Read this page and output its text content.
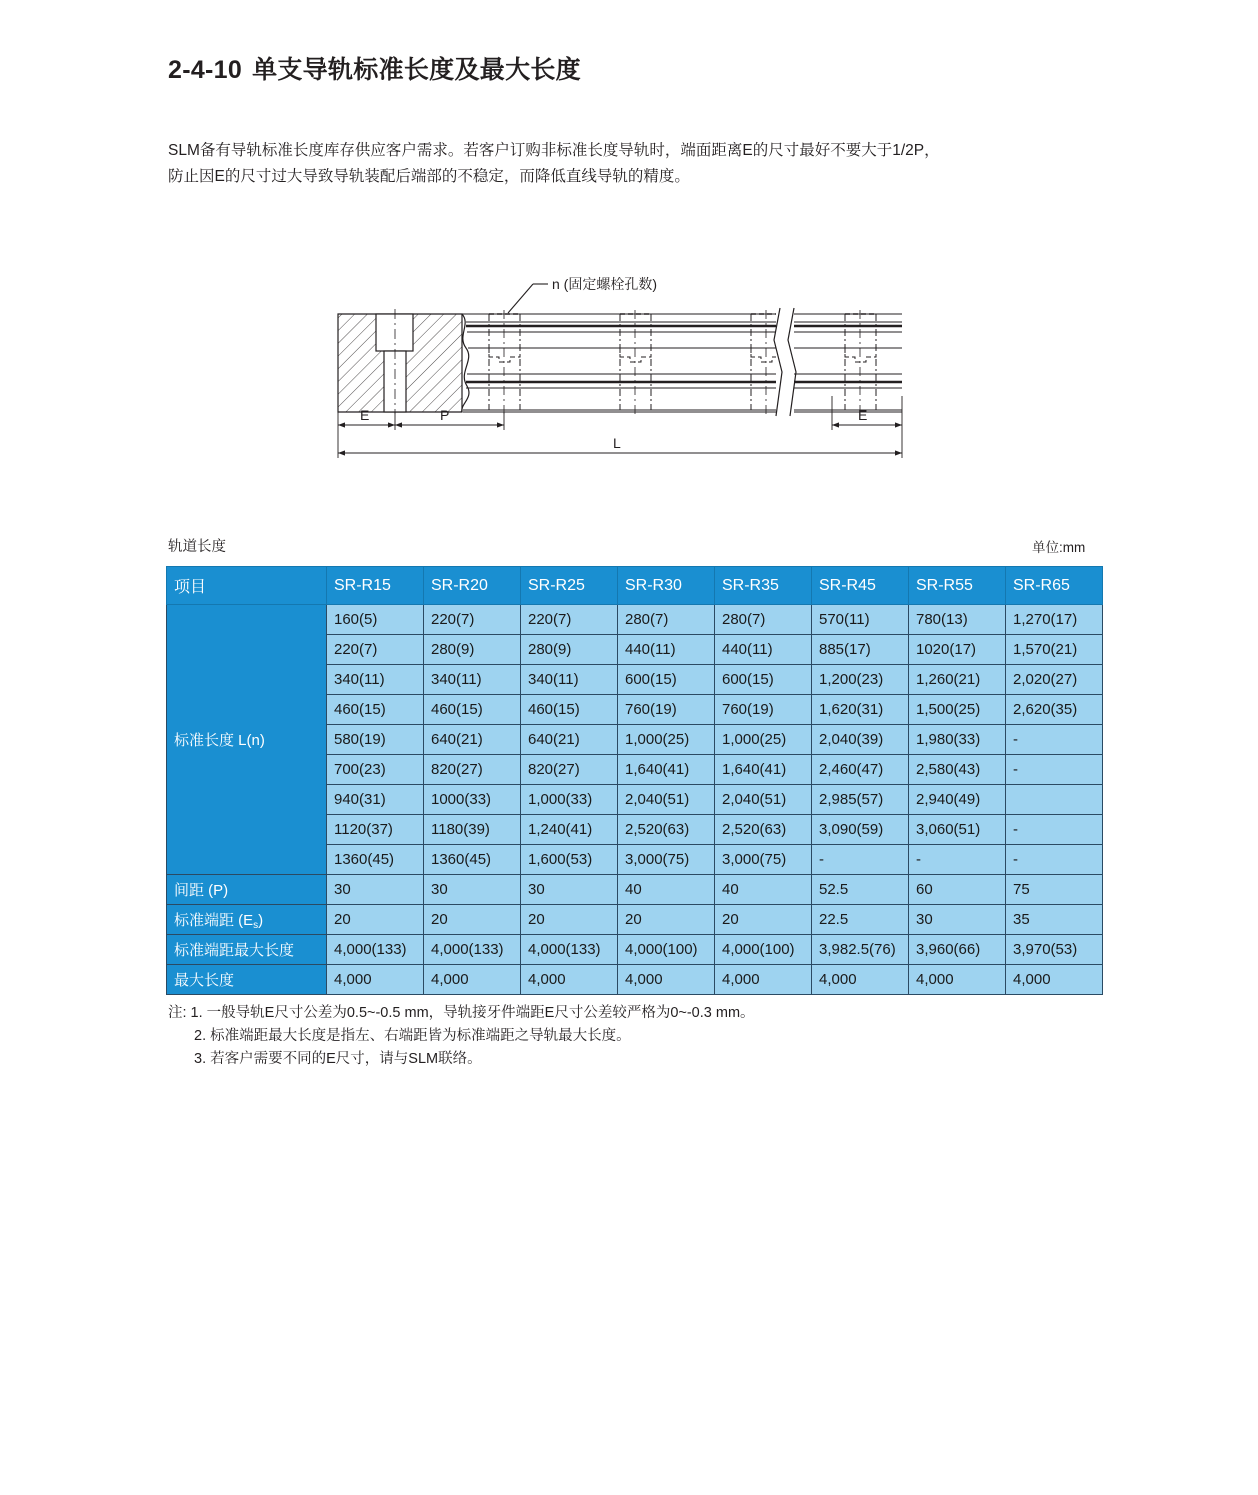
2-4-10 单支导轨标准长度及最大长度
SLM备有导轨标准长度库存供应客户需求。若客户订购非标准长度导轨时，端面距离E的尺寸最好不要大于1/2P，
防止因E的尺寸过大导致导轨装配后端部的不稳定，而降低直线导轨的精度。
n (固定螺栓孔数)
E	P	E
L
轨道长度	单位:mm
项目	SR-R15	SR-R20	SR-R25	SR-R30	SR-R35	SR-R45	SR-R55	SR-R65
标准长度 L(n)	160(5)	220(7)	220(7)	280(7)	280(7)	570(11)	780(13)	1,270(17)
	220(7)	280(9)	280(9)	440(11)	440(11)	885(17)	1020(17)	1,570(21)
	340(11)	340(11)	340(11)	600(15)	600(15)	1,200(23)	1,260(21)	2,020(27)
	460(15)	460(15)	460(15)	760(19)	760(19)	1,620(31)	1,500(25)	2,620(35)
	580(19)	640(21)	640(21)	1,000(25)	1,000(25)	2,040(39)	1,980(33)	-
	700(23)	820(27)	820(27)	1,640(41)	1,640(41)	2,460(47)	2,580(43)	-
	940(31)	1000(33)	1,000(33)	2,040(51)	2,040(51)	2,985(57)	2,940(49)	
	1120(37)	1180(39)	1,240(41)	2,520(63)	2,520(63)	3,090(59)	3,060(51)	-
	1360(45)	1360(45)	1,600(53)	3,000(75)	3,000(75)	-	-	-
间距 (P)	30	30	30	40	40	52.5	60	75
标准端距 $(E_s)$	20	20	20	20	20	22.5	30	35
标准端距最大长度	4,000(133)	4,000(133)	4,000(133)	4,000(100)	4,000(100)	3,982.5(76)	3,960(66)	3,970(53)
最大长度	4,000	4,000	4,000	4,000	4,000	4,000	4,000	4,000
注: 1. 一般导轨E尺寸公差为0.5~-0.5 mm，导轨接牙件端距E尺寸公差较严格为0~-0.3 mm。
2. 标准端距最大长度是指左、右端距皆为标准端距之导轨最大长度。
3. 若客户需要不同的E尺寸，请与SLM联络。
